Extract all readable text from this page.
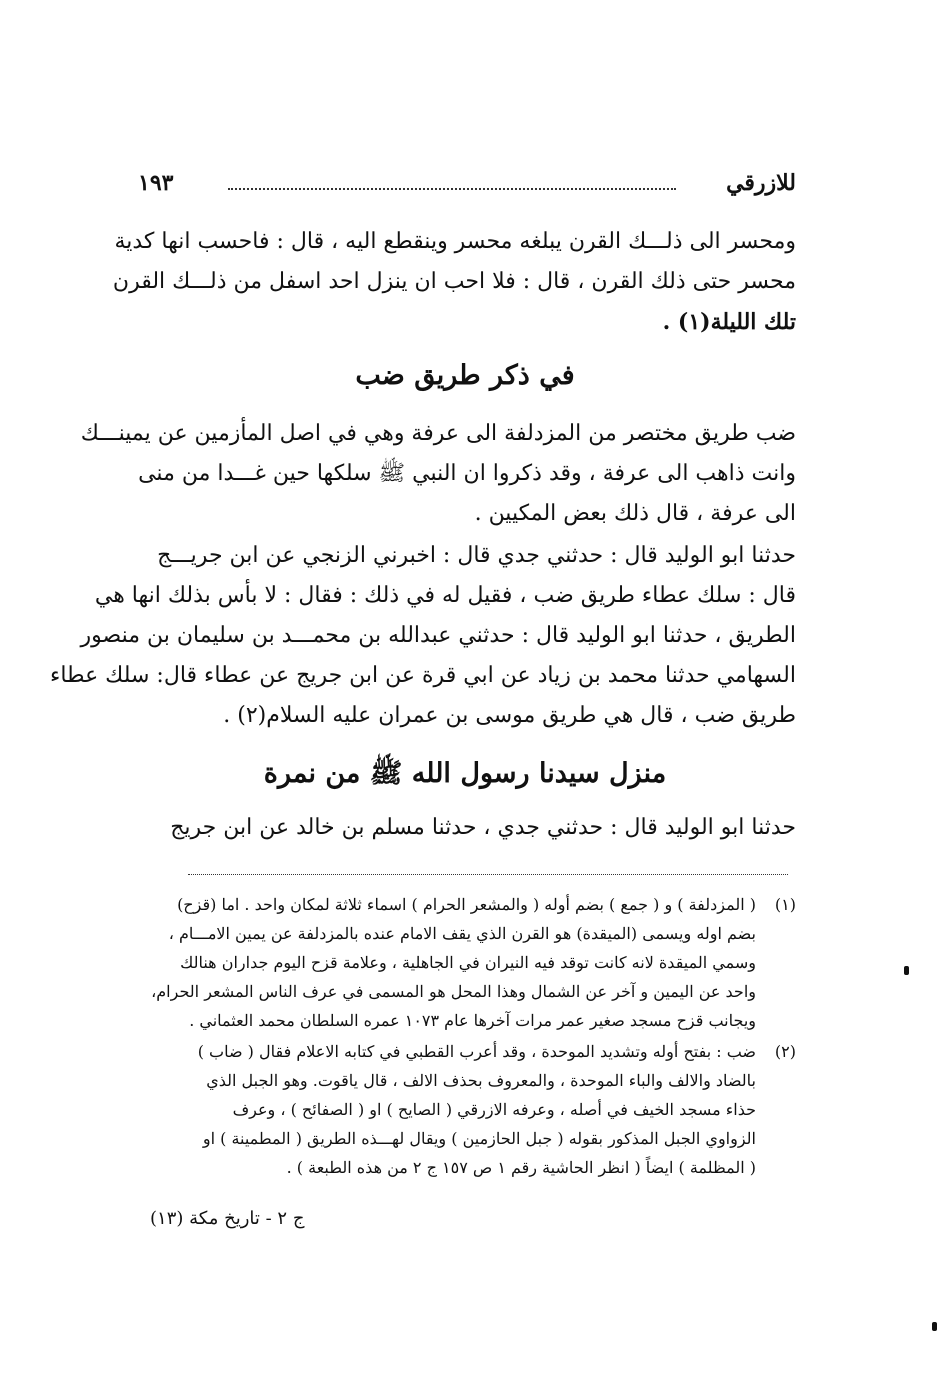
للازرقي
١٩٣
ومحسر الى ذلـــك القرن يبلغه محسر وينقطع اليه ، قال : فاحسب انها كدية
محسر حتى ذلك القرن ، قال : فلا احب ان ينزل احد اسفل من ذلـــك القرن
تلك الليلة(١) .
في ذكر طريق ضب
ضب طريق مختصر من المزدلفة الى عرفة وهي في اصل المأزمين عن يمينـــك
وانت ذاهب الى عرفة ، وقد ذكروا ان النبي ﷺ سلكها حين غـــدا من منى
الى عرفة ، قال ذلك بعض المكيين .
حدثنا ابو الوليد قال : حدثني جدي قال : اخبرني الزنجي عن ابن جريـــج
قال : سلك عطاء طريق ضب ، فقيل له في ذلك : فقال : لا بأس بذلك انها هي
الطريق ، حدثنا ابو الوليد قال : حدثني عبدالله بن محمـــد بن سليمان بن منصور
السهامي حدثنا محمد بن زياد عن ابي قرة عن ابن جريج عن عطاء قال: سلك عطاء
طريق ضب ، قال هي طريق موسى بن عمران عليه السلام(٢) .
منزل سيدنا رسول الله ﷺ من نمرة
حدثنا ابو الوليد قال : حدثني جدي ، حدثنا مسلم بن خالد عن ابن جريج
(١)( المزدلفة ) و ( جمع ) بضم أوله ( والمشعر الحرام ) اسماء ثلاثة لمكان واحد . اما (قزح)
بضم اوله ويسمى (الميقدة) هو القرن الذي يقف الامام عنده بالمزدلفة عن يمين الامـــام ،
وسمي الميقدة لانه كانت توقد فيه النيران في الجاهلية ، وعلامة قزح اليوم جداران هنالك
واحد عن اليمين و آخر عن الشمال وهذا المحل هو المسمى في عرف الناس المشعر الحرام،
ويجانب قزح مسجد صغير عمر مرات آخرها عام ١٠٧٣ عمره السلطان محمد العثماني .
(٢)ضب : بفتح أوله وتشديد الموحدة ، وقد أعرب القطبي في كتابه الاعلام فقال ( ضاب )
بالضاد والالف والباء الموحدة ، والمعروف بحذف الالف ، قال ياقوت. وهو الجبل الذي
حذاء مسجد الخيف في أصله ، وعرفه الازرقي ( الصايح ) او ( الصفائح ) ، وعرف
الزواوي الجبل المذكور بقوله ( جبل الحازمين ) ويقال لهـــذه الطريق ( المطمينة ) او
( المظلمة ) ايضاً ( انظر الحاشية رقم ١ ص ١٥٧ ج ٢ من هذه الطبعة ) .
ج ٢ - تاريخ مكة (١٣)
